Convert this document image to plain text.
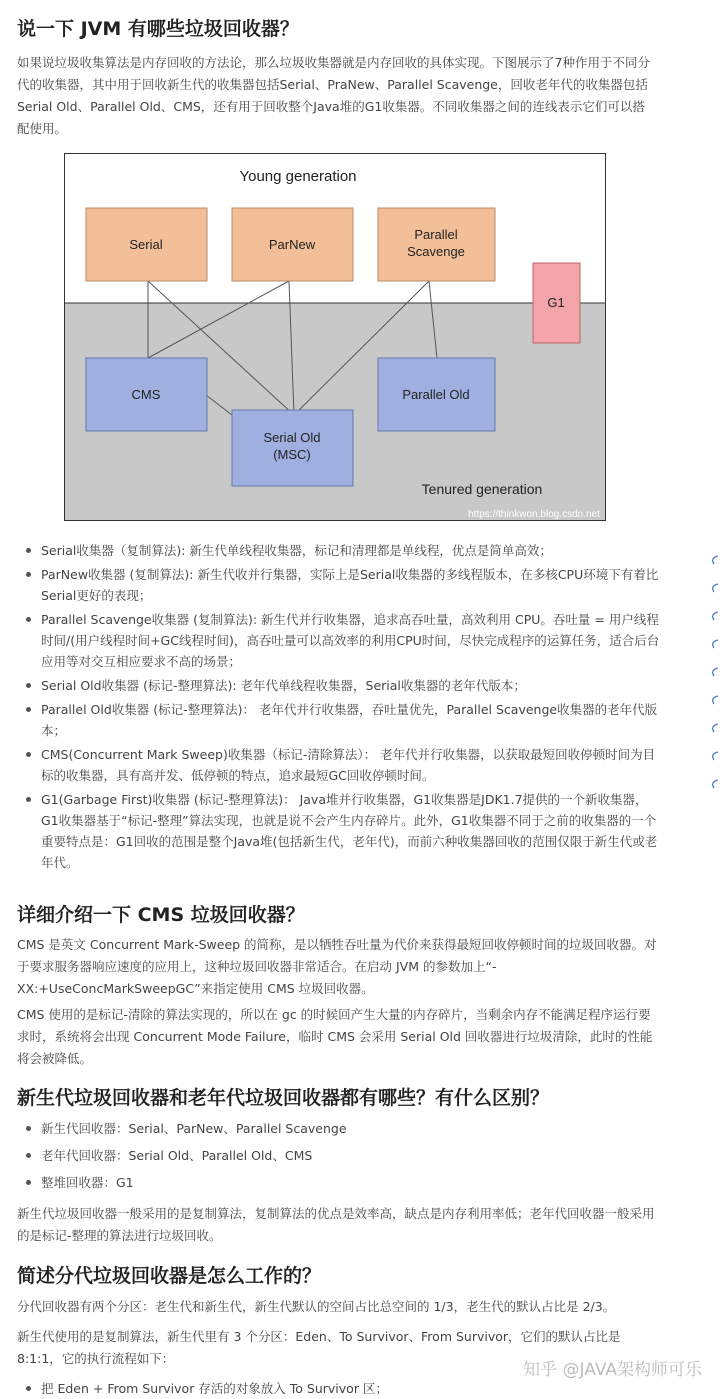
说一下 JVM 有哪些垃圾回收器？

如果说垃圾收集算法是内存回收的方法论，那么垃圾收集器就是内存回收的具体实现。下图展示了7种作用于不同分代的收集器，其中用于回收新生代的收集器包括Serial、PraNew、Parallel Scavenge，回收老年代的收集器包括Serial Old、Parallel Old、CMS，还有用于回收整个Java堆的G1收集器。不同收集器之间的连线表示它们可以搭配使用。

Young generation
Serial	ParNew
Parallel
Scavenge
G1
CMS	Parallel Old
Serial Old
(MSC)
Tenured generation
https://thinkwon.blog.csdn.net
Serial收集器（复制算法): 新生代单线程收集器，标记和清理都是单线程，优点是简单高效；
ParNew收集器 (复制算法): 新生代收并行集器，实际上是Serial收集器的多线程版本，在多核CPU环境下有着比Serial更好的表现；
Parallel Scavenge收集器 (复制算法): 新生代并行收集器，追求高吞吐量，高效利用 CPU。吞吐量 = 用户线程时间/(用户线程时间+GC线程时间)，高吞吐量可以高效率的利用CPU时间，尽快完成程序的运算任务，适合后台应用等对交互相应要求不高的场景；
Serial Old收集器 (标记-整理算法): 老年代单线程收集器，Serial收集器的老年代版本；
Parallel Old收集器 (标记-整理算法)： 老年代并行收集器，吞吐量优先，Parallel Scavenge收集器的老年代版本；
CMS(Concurrent Mark Sweep)收集器（标记-清除算法）： 老年代并行收集器，以获取最短回收停顿时间为目标的收集器，具有高并发、低停顿的特点，追求最短GC回收停顿时间。
G1(Garbage First)收集器 (标记-整理算法)： Java堆并行收集器，G1收集器是JDK1.7提供的一个新收集器，G1收集器基于“标记-整理”算法实现，也就是说不会产生内存碎片。此外，G1收集器不同于之前的收集器的一个重要特点是：G1回收的范围是整个Java堆(包括新生代，老年代)，而前六种收集器回收的范围仅限于新生代或老年代。
详细介绍一下 CMS 垃圾回收器？

CMS 是英文 Concurrent Mark-Sweep 的简称，是以牺牲吞吐量为代价来获得最短回收停顿时间的垃圾回收器。对于要求服务器响应速度的应用上，这种垃圾回收器非常适合。在启动 JVM 的参数加上“-XX:+UseConcMarkSweepGC”来指定使用 CMS 垃圾回收器。

CMS 使用的是标记-清除的算法实现的，所以在 gc 的时候回产生大量的内存碎片，当剩余内存不能满足程序运行要求时，系统将会出现 Concurrent Mode Failure，临时 CMS 会采用 Serial Old 回收器进行垃圾清除，此时的性能将会被降低。

新生代垃圾回收器和老年代垃圾回收器都有哪些？有什么区别？
新生代回收器：Serial、ParNew、Parallel Scavenge
老年代回收器：Serial Old、Parallel Old、CMS
整堆回收器：G1

新生代垃圾回收器一般采用的是复制算法，复制算法的优点是效率高，缺点是内存利用率低；老年代回收器一般采用的是标记-整理的算法进行垃圾回收。

简述分代垃圾回收器是怎么工作的？

分代回收器有两个分区：老生代和新生代，新生代默认的空间占比总空间的 1/3，老生代的默认占比是 2/3。

新生代使用的是复制算法，新生代里有 3 个分区：Eden、To Survivor、From Survivor，它们的默认占比是 8:1:1，它的执行流程如下：

把 Eden + From Survivor 存活的对象放入 To Survivor 区；
知乎 @JAVA架构师可乐
